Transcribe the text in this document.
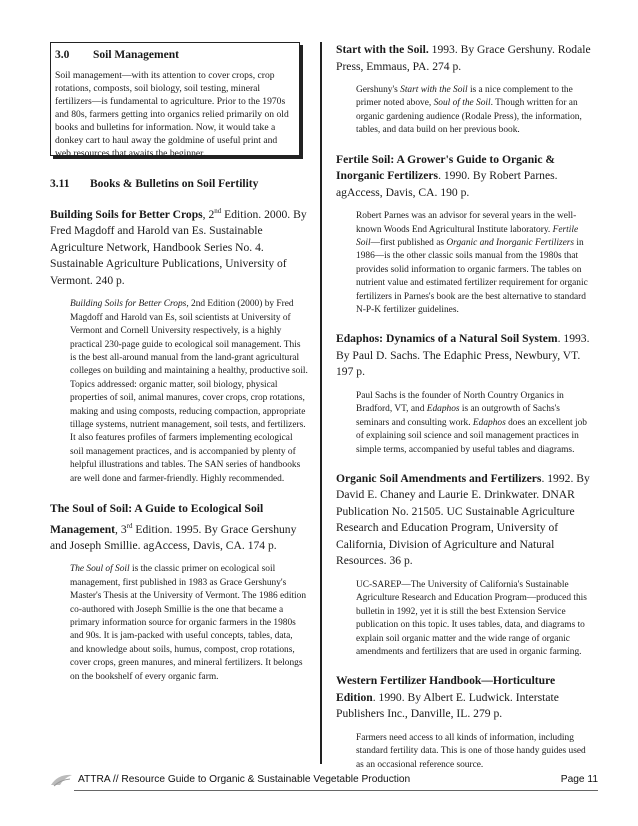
3.0 Soil Management
Soil management—with its attention to cover crops, crop rotations, composts, soil biology, soil testing, mineral fertilizers—is fundamental to agriculture. Prior to the 1970s and 80s, farmers getting into organics relied primarily on old books and bulletins for information. Now, it would take a donkey cart to haul away the goldmine of useful print and web resources that awaits the beginner.
3.11 Books & Bulletins on Soil Fertility
Building Soils for Better Crops, 2nd Edition. 2000. By Fred Magdoff and Harold van Es. Sustainable Agriculture Network, Handbook Series No. 4. Sustainable Agriculture Publications, University of Vermont. 240 p.
Building Soils for Better Crops, 2nd Edition (2000) by Fred Magdoff and Harold van Es, soil scientists at University of Vermont and Cornell University respectively, is a highly practical 230-page guide to ecological soil management. This is the best all-around manual from the land-grant agricultural colleges on building and maintaining a healthy, productive soil. Topics addressed: organic matter, soil biology, physical properties of soil, animal manures, cover crops, crop rotations, making and using composts, reducing compaction, appropriate tillage systems, nutrient management, soil tests, and fertilizers. It also features profiles of farmers implementing ecological soil management practices, and is accompanied by plenty of helpful illustrations and tables. The SAN series of handbooks are well done and farmer-friendly. Highly recommended.
The Soul of Soil: A Guide to Ecological Soil Management, 3rd Edition. 1995. By Grace Gershuny and Joseph Smillie. agAccess, Davis, CA. 174 p.
The Soul of Soil is the classic primer on ecological soil management, first published in 1983 as Grace Gershuny's Master's Thesis at the University of Vermont. The 1986 edition co-authored with Joseph Smillie is the one that became a primary information source for organic farmers in the 1980s and 90s. It is jam-packed with useful concepts, tables, data, and knowledge about soils, humus, compost, crop rotations, cover crops, green manures, and mineral fertilizers. It belongs on the bookshelf of every organic farm.
Start with the Soil. 1993. By Grace Gershuny. Rodale Press, Emmaus, PA. 274 p.
Gershuny's Start with the Soil is a nice complement to the primer noted above, Soul of the Soil. Though written for an organic gardening audience (Rodale Press), the information, tables, and data build on her previous book.
Fertile Soil: A Grower's Guide to Organic & Inorganic Fertilizers. 1990. By Robert Parnes. agAccess, Davis, CA. 190 p.
Robert Parnes was an advisor for several years in the well-known Woods End Agricultural Institute laboratory. Fertile Soil—first published as Organic and Inorganic Fertilizers in 1986—is the other classic soils manual from the 1980s that provides solid information to organic farmers. The tables on nutrient value and estimated fertilizer requirement for organic fertilizers in Parnes's book are the best alternative to standard N-P-K fertilizer guidelines.
Edaphos: Dynamics of a Natural Soil System. 1993. By Paul D. Sachs. The Edaphic Press, Newbury, VT. 197 p.
Paul Sachs is the founder of North Country Organics in Bradford, VT, and Edaphos is an outgrowth of Sachs's seminars and consulting work. Edaphos does an excellent job of explaining soil science and soil management practices in simple terms, accompanied by useful tables and diagrams.
Organic Soil Amendments and Fertilizers. 1992. By David E. Chaney and Laurie E. Drinkwater. DNAR Publication No. 21505. UC Sustainable Agriculture Research and Education Program, University of California, Division of Agriculture and Natural Resources. 36 p.
UC-SAREP—The University of California's Sustainable Agriculture Research and Education Program—produced this bulletin in 1992, yet it is still the best Extension Service publication on this topic. It uses tables, data, and diagrams to explain soil organic matter and the wide range of organic amendments and fertilizers that are used in organic farming.
Western Fertilizer Handbook—Horticulture Edition. 1990. By Albert E. Ludwick. Interstate Publishers Inc., Danville, IL. 279 p.
Farmers need access to all kinds of information, including standard fertility data. This is one of those handy guides used as an occasional reference source.
ATTRA // Resource Guide to Organic & Sustainable Vegetable Production	Page 11
